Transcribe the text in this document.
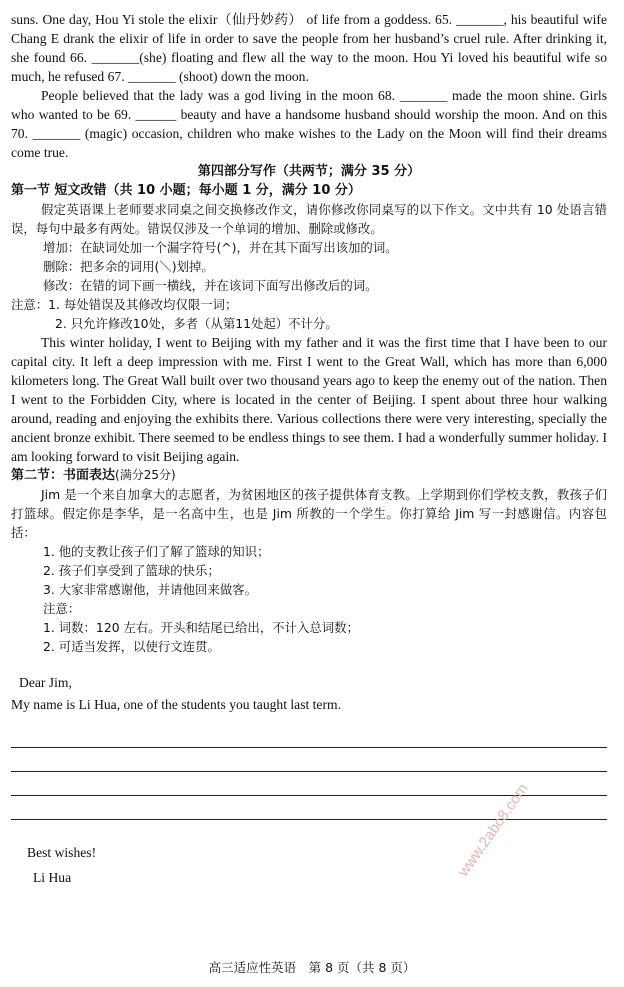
suns. One day, Hou Yi stole the elixir（仙丹妙药） of life from a goddess. 65. _______, his beautiful wife Chang E drank the elixir of life in order to save the people from her husband’s cruel rule. After drinking it, she found 66. _______(she) floating and flew all the way to the moon. Hou Yi loved his beautiful wife so much, he refused 67. _______ (shoot) down the moon.

People believed that the lady was a god living in the moon 68. _______ made the moon shine. Girls who wanted to be 69. ______ beauty and have a handsome husband should worship the moon. And on this 70. _______ (magic) occasion, children who make wishes to the Lady on the Moon will find their dreams come true.

第四部分写作（共两节；满分 35 分）
第一节 短文改错（共 10 小题；每小题 1 分，满分 10 分）

假定英语课上老师要求同桌之间交换修改作文，请你修改你同桌写的以下作文。文中共有 10 处语言错误，每句中最多有两处。错误仅涉及一个单词的增加、删除或修改。

增加：在缺词处加一个漏字符号(^)，并在其下面写出该加的词。

删除：把多余的词用(＼)划掉。

修改：在错的词下画一横线，并在该词下面写出修改后的词。

注意：1. 每处错误及其修改均仅限一词；

2. 只允许修改10处，多者（从第11处起）不计分。

This winter holiday, I went to Beijing with my father and it was the first time that I have been to our capital city. It left a deep impression with me. First I went to the Great Wall, which has more than 6,000 kilometers long. The Great Wall built over two thousand years ago to keep the enemy out of the nation. Then I went to the Forbidden City, where is located in the center of Beijing. I spent about three hour walking around, reading and enjoying the exhibits there. Various collections there were very interesting, specially the ancient bronze exhibit. There seemed to be endless things to see them. I had a wonderfully summer holiday. I am looking forward to visit Beijing again.

第二节：书面表达(满分25分)

Jim 是一个来自加拿大的志愿者，为贫困地区的孩子提供体育支教。上学期到你们学校支教，教孩子们打篮球。假定你是李华，是一名高中生，也是 Jim 所教的一个学生。你打算给 Jim 写一封感谢信。内容包括：

1. 他的支教让孩子们了解了篮球的知识；

2. 孩子们享受到了篮球的快乐；

3. 大家非常感谢他，并请他回来做客。

注意：

1. 词数：120 左右。开头和结尾已给出，不计入总词数；

2. 可适当发挥，以使行文连贯。

Dear Jim,

My name is Li Hua, one of the students you taught last term.

Best wishes!

Li Hua	www.2abc8.com
高三适应性英语　第 8 页（共 8 页）
